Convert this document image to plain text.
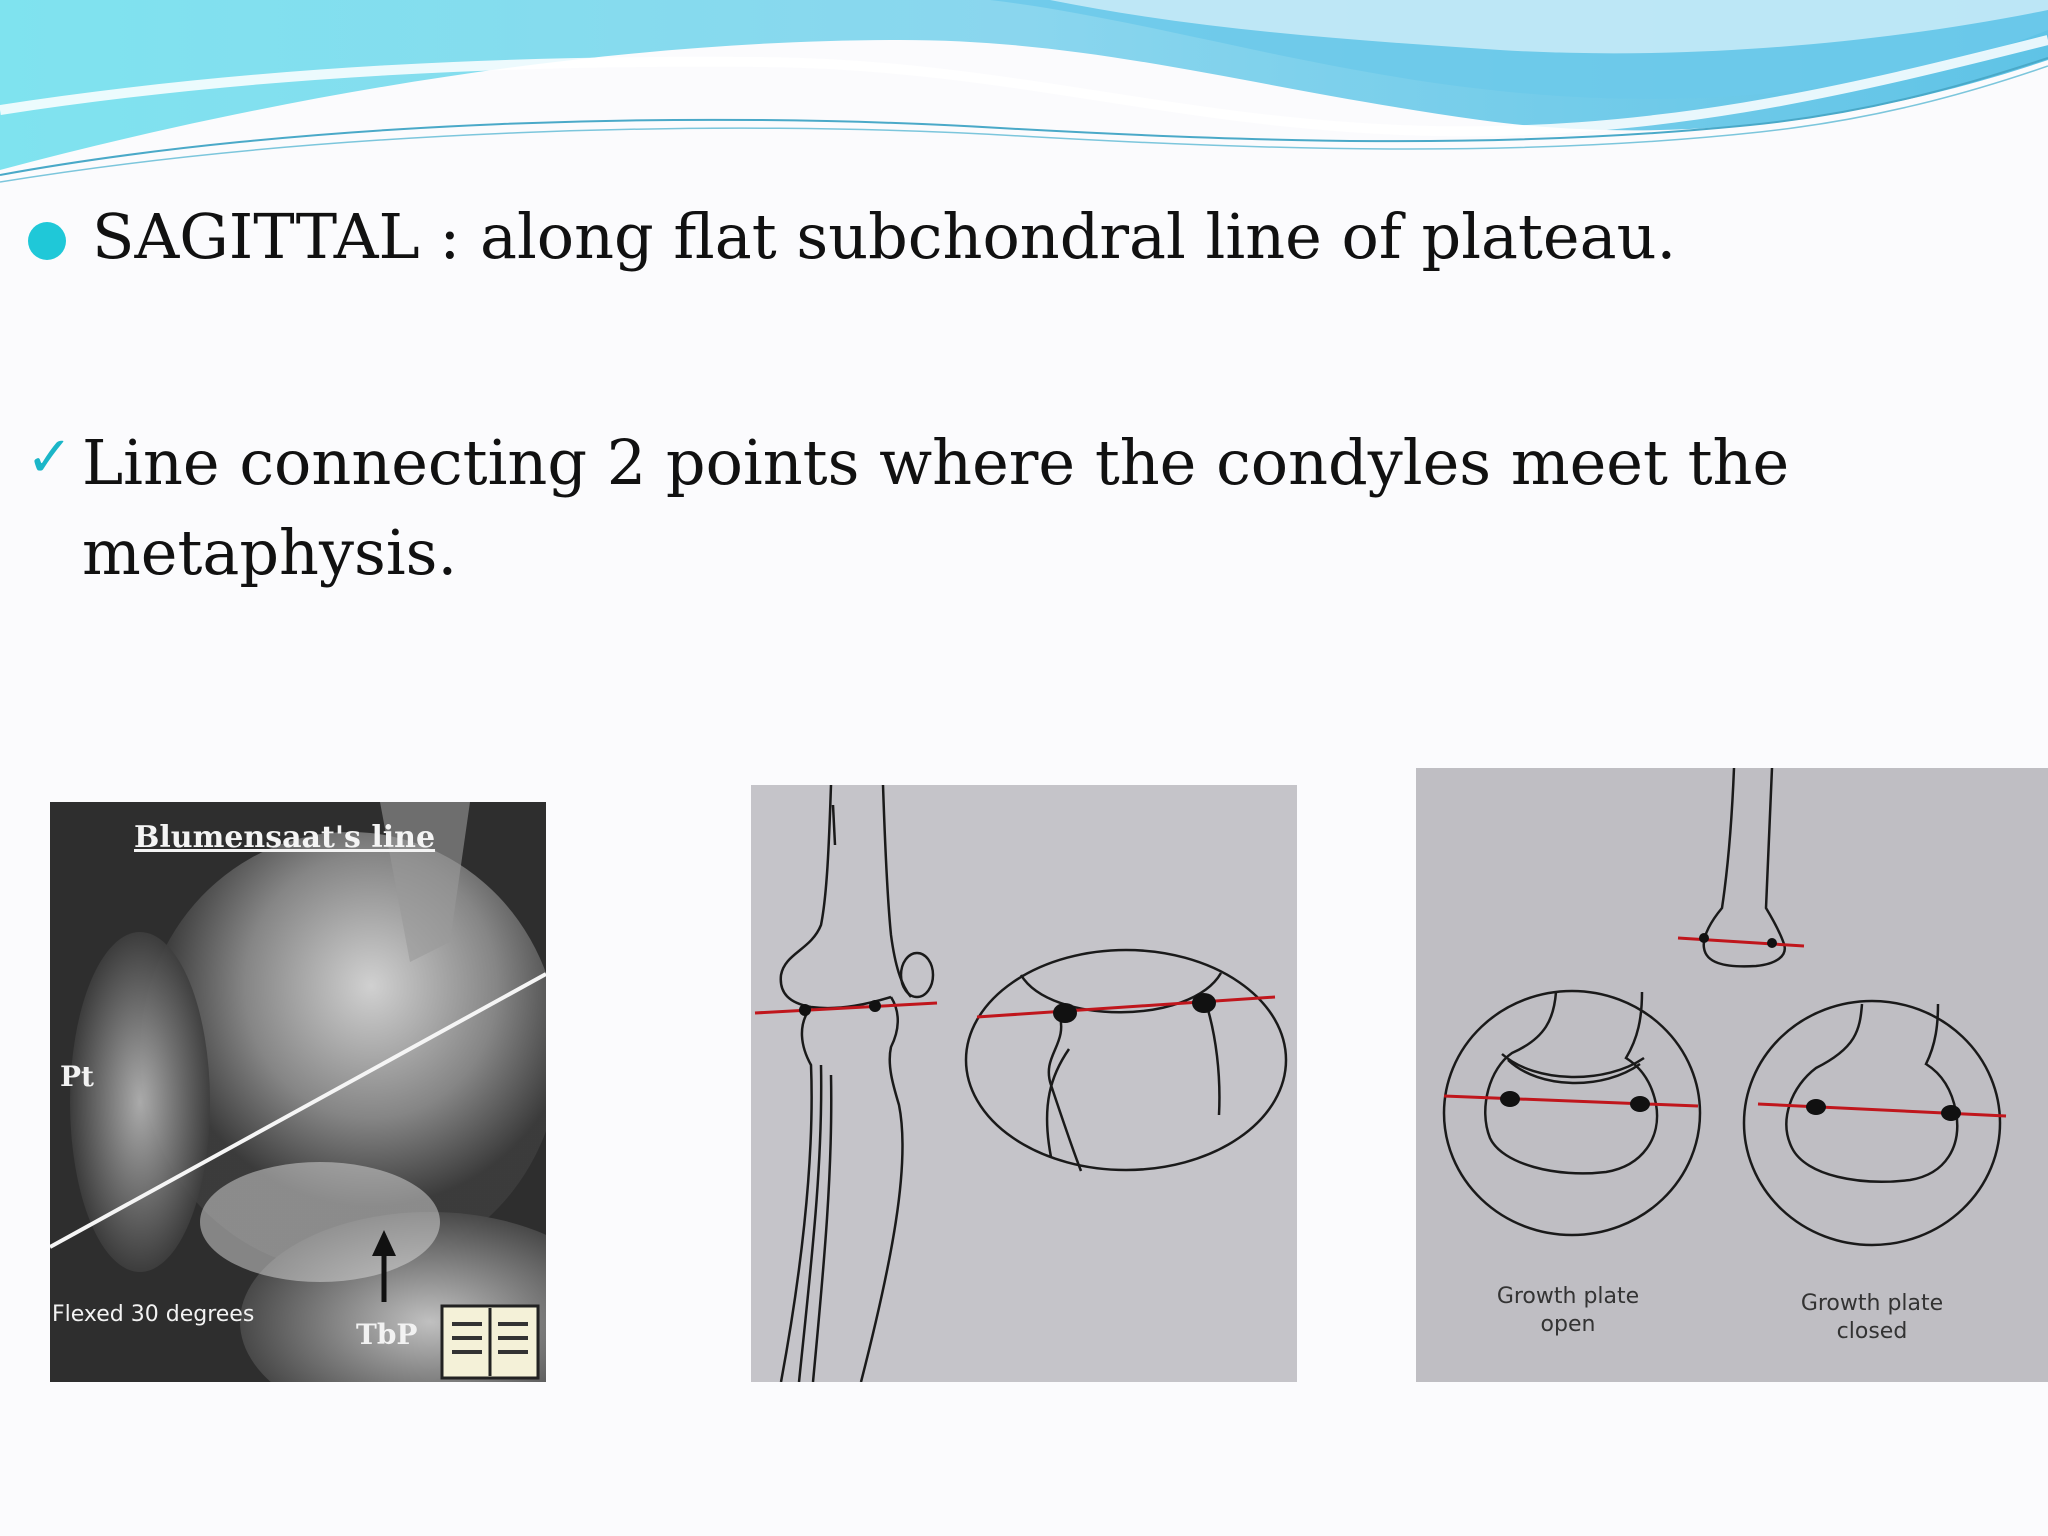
SAGITTAL : along flat subchondral line of plateau.
✓ Line connecting 2 points where the condyles meet the metaphysis.
Blumensaat's line
Pt
TbP
Flexed 30 degrees
Growth plate open
Growth plate closed
